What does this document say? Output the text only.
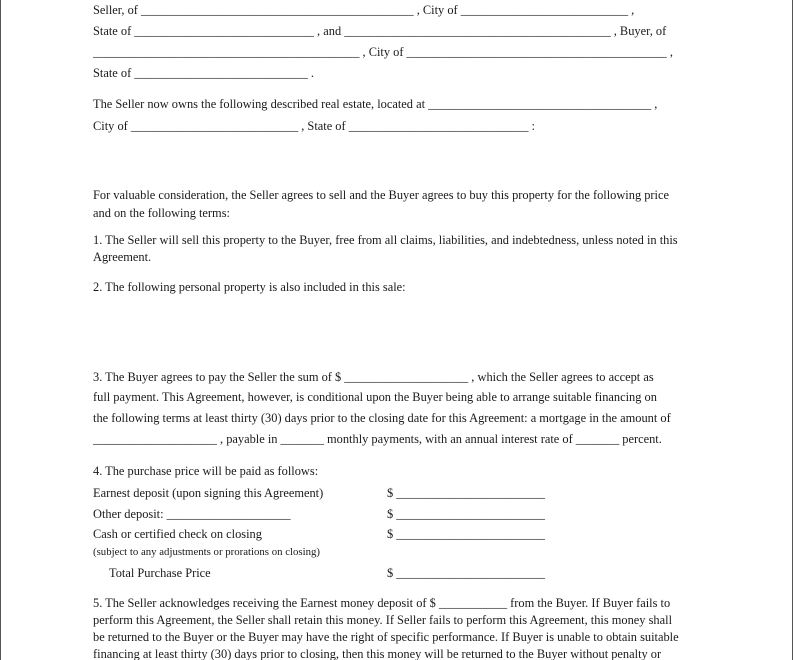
Seller, of ____________________________________________ , City of ___________________________ ,

State of _____________________________ , and ___________________________________________ , Buyer, of

___________________________________________ , City of __________________________________________ ,

State of ____________________________ .

The Seller now owns the following described real estate, located at ____________________________________ ,

City of ___________________________ , State of _____________________________ :

For valuable consideration, the Seller agrees to sell and the Buyer agrees to buy this property for the following price

and on the following terms:

1. The Seller will sell this property to the Buyer, free from all claims, liabilities, and indebtedness, unless noted in this

Agreement.

2. The following personal property is also included in this sale:

3. The Buyer agrees to pay the Seller the sum of $ ____________________ , which the Seller agrees to accept as

full payment. This Agreement, however, is conditional upon the Buyer being able to arrange suitable financing on

the following terms at least thirty (30) days prior to the closing date for this Agreement: a mortgage in the amount of

____________________ , payable in _______ monthly payments, with an annual interest rate of _______ percent.

4. The purchase price will be paid as follows:

Earnest deposit (upon signing this Agreement)	$ ________________________

Other deposit: ____________________	$ ________________________

Cash or certified check on closing	$ ________________________

(subject to any adjustments or prorations on closing)

Total Purchase Price	$ ________________________

5. The Seller acknowledges receiving the Earnest money deposit of $ ___________ from the Buyer. If Buyer fails to

perform this Agreement, the Seller shall retain this money. If Seller fails to perform this Agreement, this money shall

be returned to the Buyer or the Buyer may have the right of specific performance. If Buyer is unable to obtain suitable

financing at least thirty (30) days prior to closing, then this money will be returned to the Buyer without penalty or
